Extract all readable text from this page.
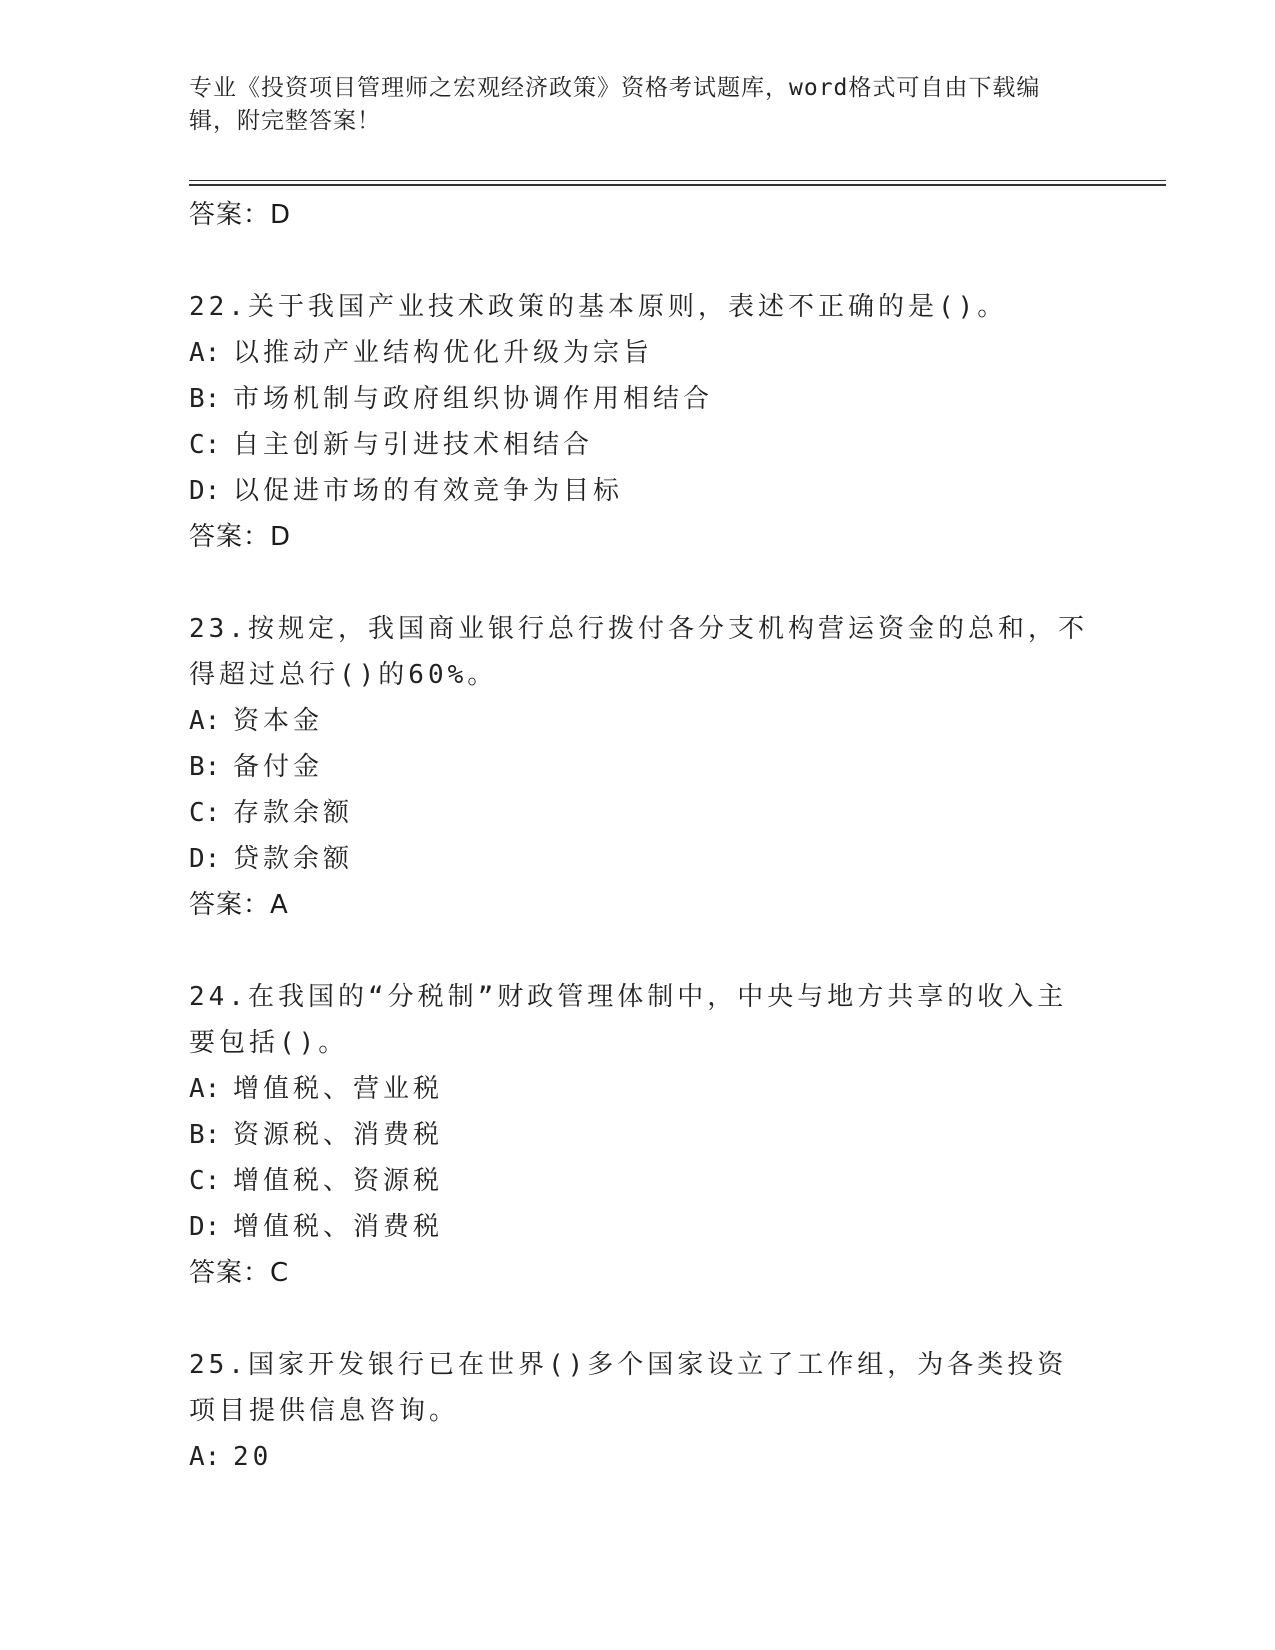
专业《投资项目管理师之宏观经济政策》资格考试题库，word格式可自由下载编辑，附完整答案！
答案：D
22.关于我国产业技术政策的基本原则，表述不正确的是()。
A: 以推动产业结构优化升级为宗旨
B: 市场机制与政府组织协调作用相结合
C: 自主创新与引进技术相结合
D: 以促进市场的有效竞争为目标
答案：D
23.按规定，我国商业银行总行拨付各分支机构营运资金的总和，不得超过总行()的60%。
A: 资本金
B: 备付金
C: 存款余额
D: 贷款余额
答案：A
24.在我国的“分税制”财政管理体制中，中央与地方共享的收入主要包括()。
A: 增值税、营业税
B: 资源税、消费税
C: 增值税、资源税
D: 增值税、消费税
答案：C
25.国家开发银行已在世界()多个国家设立了工作组，为各类投资项目提供信息咨询。
A: 20
